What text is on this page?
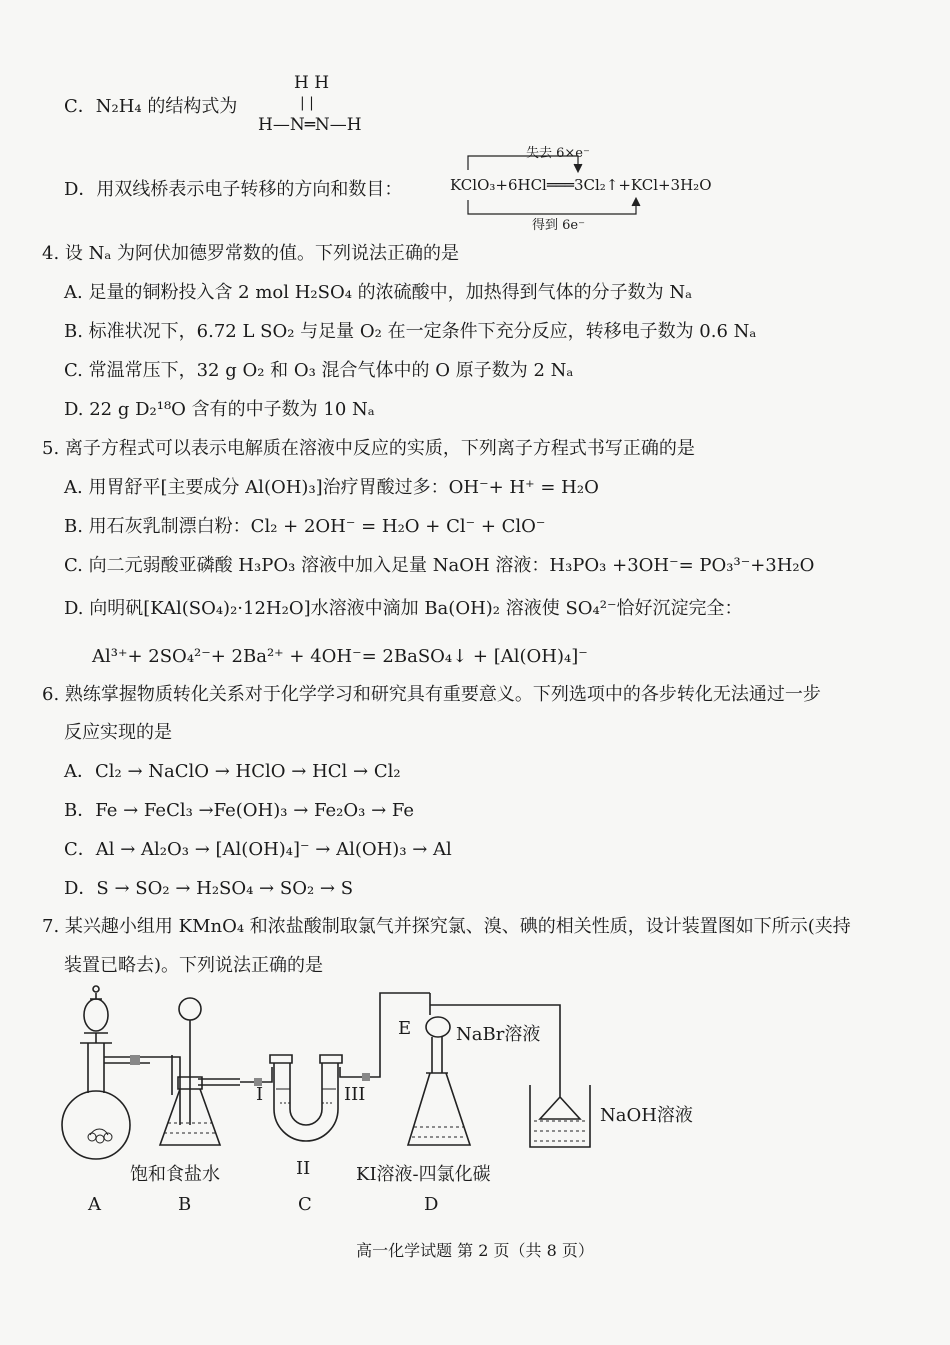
C．N₂H₄ 的结构式为
H H
| |
H—N═N—H
D．用双线桥表示电子转移的方向和数目：
失去 6×e⁻
KClO₃+6HCl═══3Cl₂↑+KCl+3H₂O
得到 6e⁻
4. 设 Nₐ 为阿伏加德罗常数的值。下列说法正确的是
A. 足量的铜粉投入含 2 mol H₂SO₄ 的浓硫酸中，加热得到气体的分子数为 Nₐ
B. 标准状况下，6.72 L SO₂ 与足量 O₂ 在一定条件下充分反应，转移电子数为 0.6 Nₐ
C. 常温常压下，32 g O₂ 和 O₃ 混合气体中的 O 原子数为 2 Nₐ
D. 22 g D₂¹⁸O 含有的中子数为 10 Nₐ
5. 离子方程式可以表示电解质在溶液中反应的实质，下列离子方程式书写正确的是
A. 用胃舒平[主要成分 Al(OH)₃]治疗胃酸过多：OH⁻+ H⁺ = H₂O
B. 用石灰乳制漂白粉：Cl₂ + 2OH⁻ = H₂O + Cl⁻ + ClO⁻
C. 向二元弱酸亚磷酸 H₃PO₃ 溶液中加入足量 NaOH 溶液：H₃PO₃ +3OH⁻= PO₃³⁻+3H₂O
D. 向明矾[KAl(SO₄)₂·12H₂O]水溶液中滴加 Ba(OH)₂ 溶液使 SO₄²⁻恰好沉淀完全：
Al³⁺+ 2SO₄²⁻+ 2Ba²⁺ + 4OH⁻= 2BaSO₄↓ + [Al(OH)₄]⁻
6. 熟练掌握物质转化关系对于化学学习和研究具有重要意义。下列选项中的各步转化无法通过一步
反应实现的是
A．Cl₂ → NaClO → HClO → HCl → Cl₂
B．Fe → FeCl₃ →Fe(OH)₃ → Fe₂O₃ → Fe
C．Al → Al₂O₃ → [Al(OH)₄]⁻ → Al(OH)₃ → Al
D．S → SO₂ → H₂SO₄ → SO₂ → S
7. 某兴趣小组用 KMnO₄ 和浓盐酸制取氯气并探究氯、溴、碘的相关性质，设计装置图如下所示(夹持
装置已略去)。下列说法正确的是
E NaBr溶液
NaOH溶液
I	III
II
饱和食盐水	KI溶液-四氯化碳
A	B	C	D
高一化学试题 第 2 页（共 8 页）
